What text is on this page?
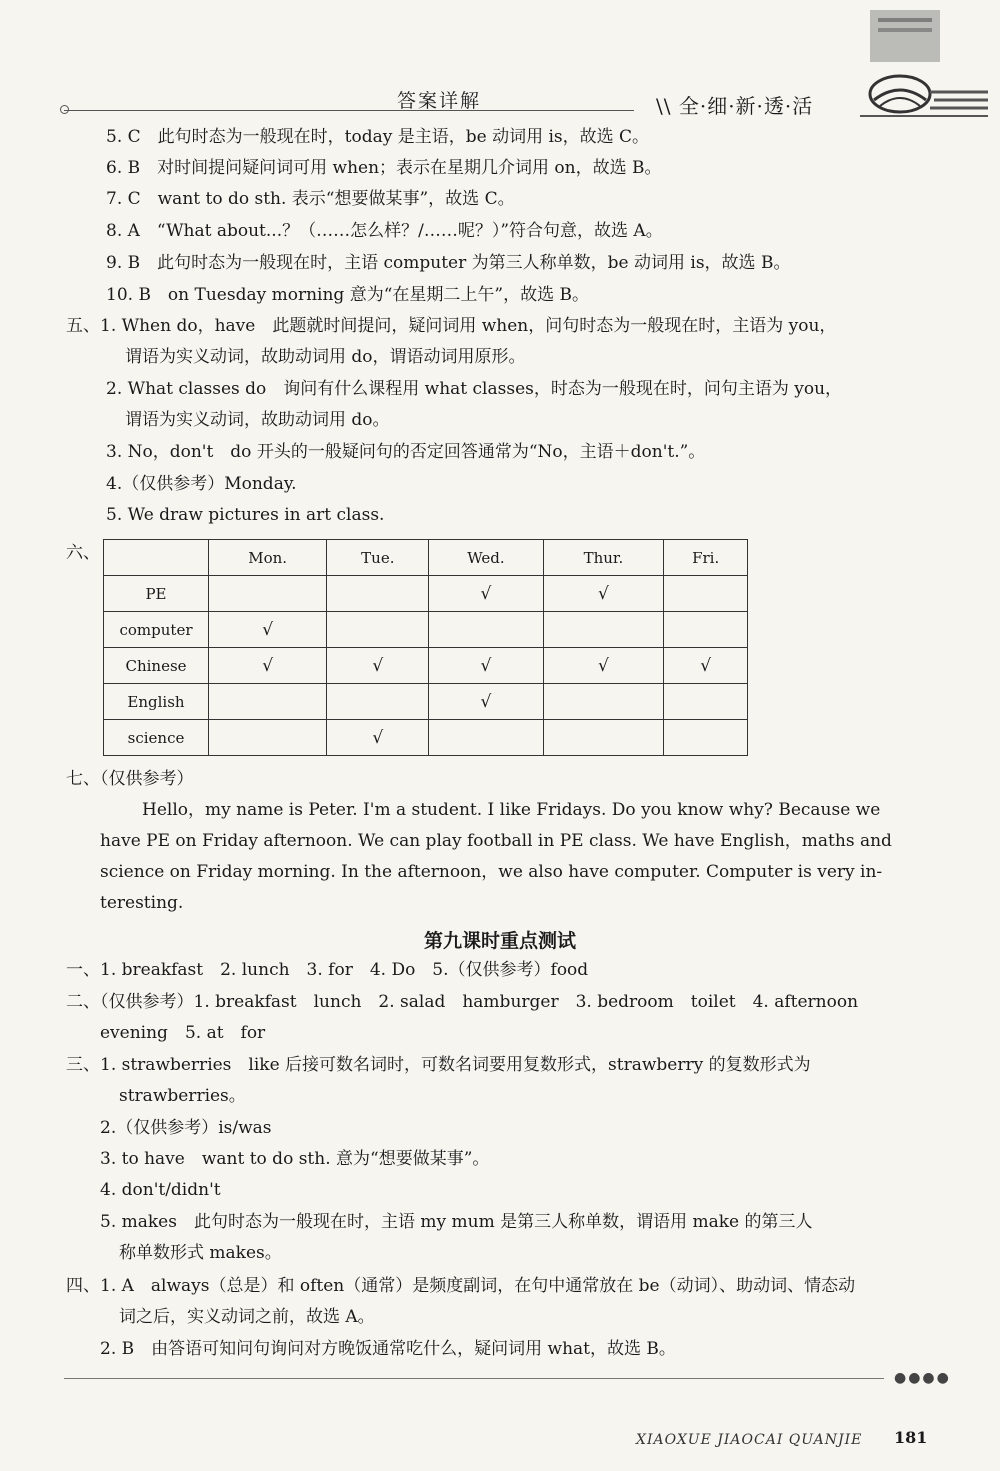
答案详解	\\ 全·细·新·透·活
5. C　此句时态为一般现在时，today 是主语，be 动词用 is，故选 C。
6. B　对时间提问疑问词可用 when；表示在星期几介词用 on，故选 B。
7. C　want to do sth. 表示“想要做某事”，故选 C。
8. A　“What about...？（……怎么样？/……呢？）”符合句意，故选 A。
9. B　此句时态为一般现在时，主语 computer 为第三人称单数，be 动词用 is，故选 B。
10. B　on Tuesday morning 意为“在星期二上午”，故选 B。
五、1. When do，have　此题就时间提问，疑问词用 when，问句时态为一般现在时，主语为 you，
谓语为实义动词，故助动词用 do，谓语动词用原形。
2. What classes do　询问有什么课程用 what classes，时态为一般现在时，问句主语为 you，
谓语为实义动词，故助动词用 do。
3. No，don't　do 开头的一般疑问句的否定回答通常为“No，主语＋don't.”。
4.（仅供参考）Monday.
5. We draw pictures in art class.
六、
		Mon.	Tue.	Wed.	Thur.	Fri.
PE			√	√	
computer	√				
Chinese	√	√	√	√	√
English			√		
science		√			
七、（仅供参考）
Hello，my name is Peter. I'm a student. I like Fridays. Do you know why? Because we
have PE on Friday afternoon. We can play football in PE class. We have English，maths and
science on Friday morning. In the afternoon，we also have computer. Computer is very in-
teresting.
第九课时重点测试
一、1. breakfast　2. lunch　3. for　4. Do　5.（仅供参考）food
二、（仅供参考）1. breakfast　lunch　2. salad　hamburger　3. bedroom　toilet　4. afternoon
evening　5. at　for
三、1. strawberries　like 后接可数名词时，可数名词要用复数形式，strawberry 的复数形式为
strawberries。
2.（仅供参考）is/was
3. to have　want to do sth. 意为“想要做某事”。
4. don't/didn't
5. makes　此句时态为一般现在时，主语 my mum 是第三人称单数，谓语用 make 的第三人
称单数形式 makes。
四、1. A　always（总是）和 often（通常）是频度副词，在句中通常放在 be（动词）、助动词、情态动
词之后，实义动词之前，故选 A。
2. B　由答语可知问句询问对方晚饭通常吃什么，疑问词用 what，故选 B。
●●●●
XIAOXUE JIAOCAI QUANJIE 181
